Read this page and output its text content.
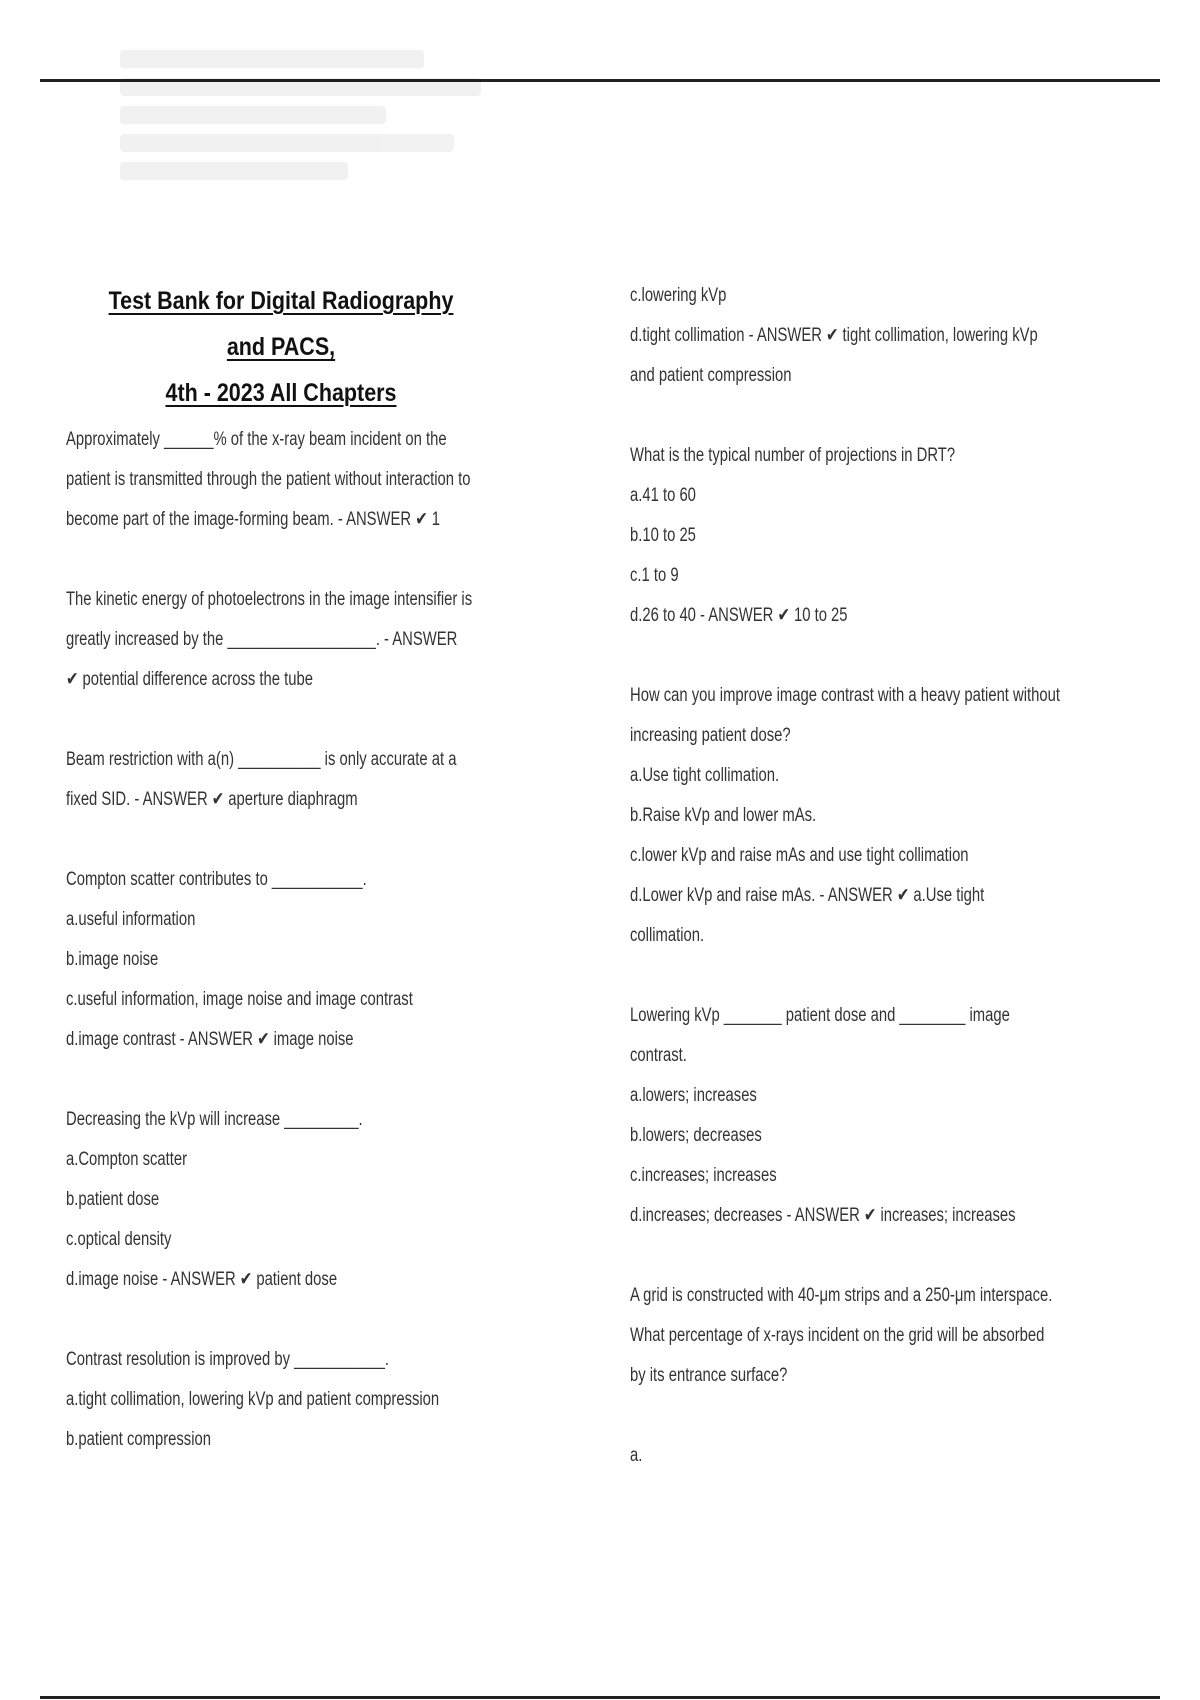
Test Bank for Digital Radiography and PACS,
4th - 2023 All Chapters
Approximately ______% of the x-ray beam incident on the
patient is transmitted through the patient without interaction to
become part of the image-forming beam. - ANSWER ✔ 1
The kinetic energy of photoelectrons in the image intensifier is
greatly increased by the __________________. - ANSWER
✔ potential difference across the tube
Beam restriction with a(n) __________ is only accurate at a
fixed SID. - ANSWER ✔ aperture diaphragm
Compton scatter contributes to ___________.
a.useful information
b.image noise
c.useful information, image noise and image contrast
d.image contrast - ANSWER ✔ image noise
Decreasing the kVp will increase _________.
a.Compton scatter
b.patient dose
c.optical density
d.image noise - ANSWER ✔ patient dose
Contrast resolution is improved by ___________.
a.tight collimation, lowering kVp and patient compression
b.patient compression
c.lowering kVp
d.tight collimation - ANSWER ✔ tight collimation, lowering kVp
and patient compression
What is the typical number of projections in DRT?
a.41 to 60
b.10 to 25
c.1 to 9
d.26 to 40 - ANSWER ✔ 10 to 25
How can you improve image contrast with a heavy patient without
increasing patient dose?
a.Use tight collimation.
b.Raise kVp and lower mAs.
c.lower kVp and raise mAs and use tight collimation
d.Lower kVp and raise mAs. - ANSWER ✔ a.Use tight
collimation.
Lowering kVp _______ patient dose and ________ image
contrast.
a.lowers; increases
b.lowers; decreases
c.increases; increases
d.increases; decreases - ANSWER ✔ increases; increases
A grid is constructed with 40-μm strips and a 250-μm interspace.
What percentage of x-rays incident on the grid will be absorbed
by its entrance surface?
a.
